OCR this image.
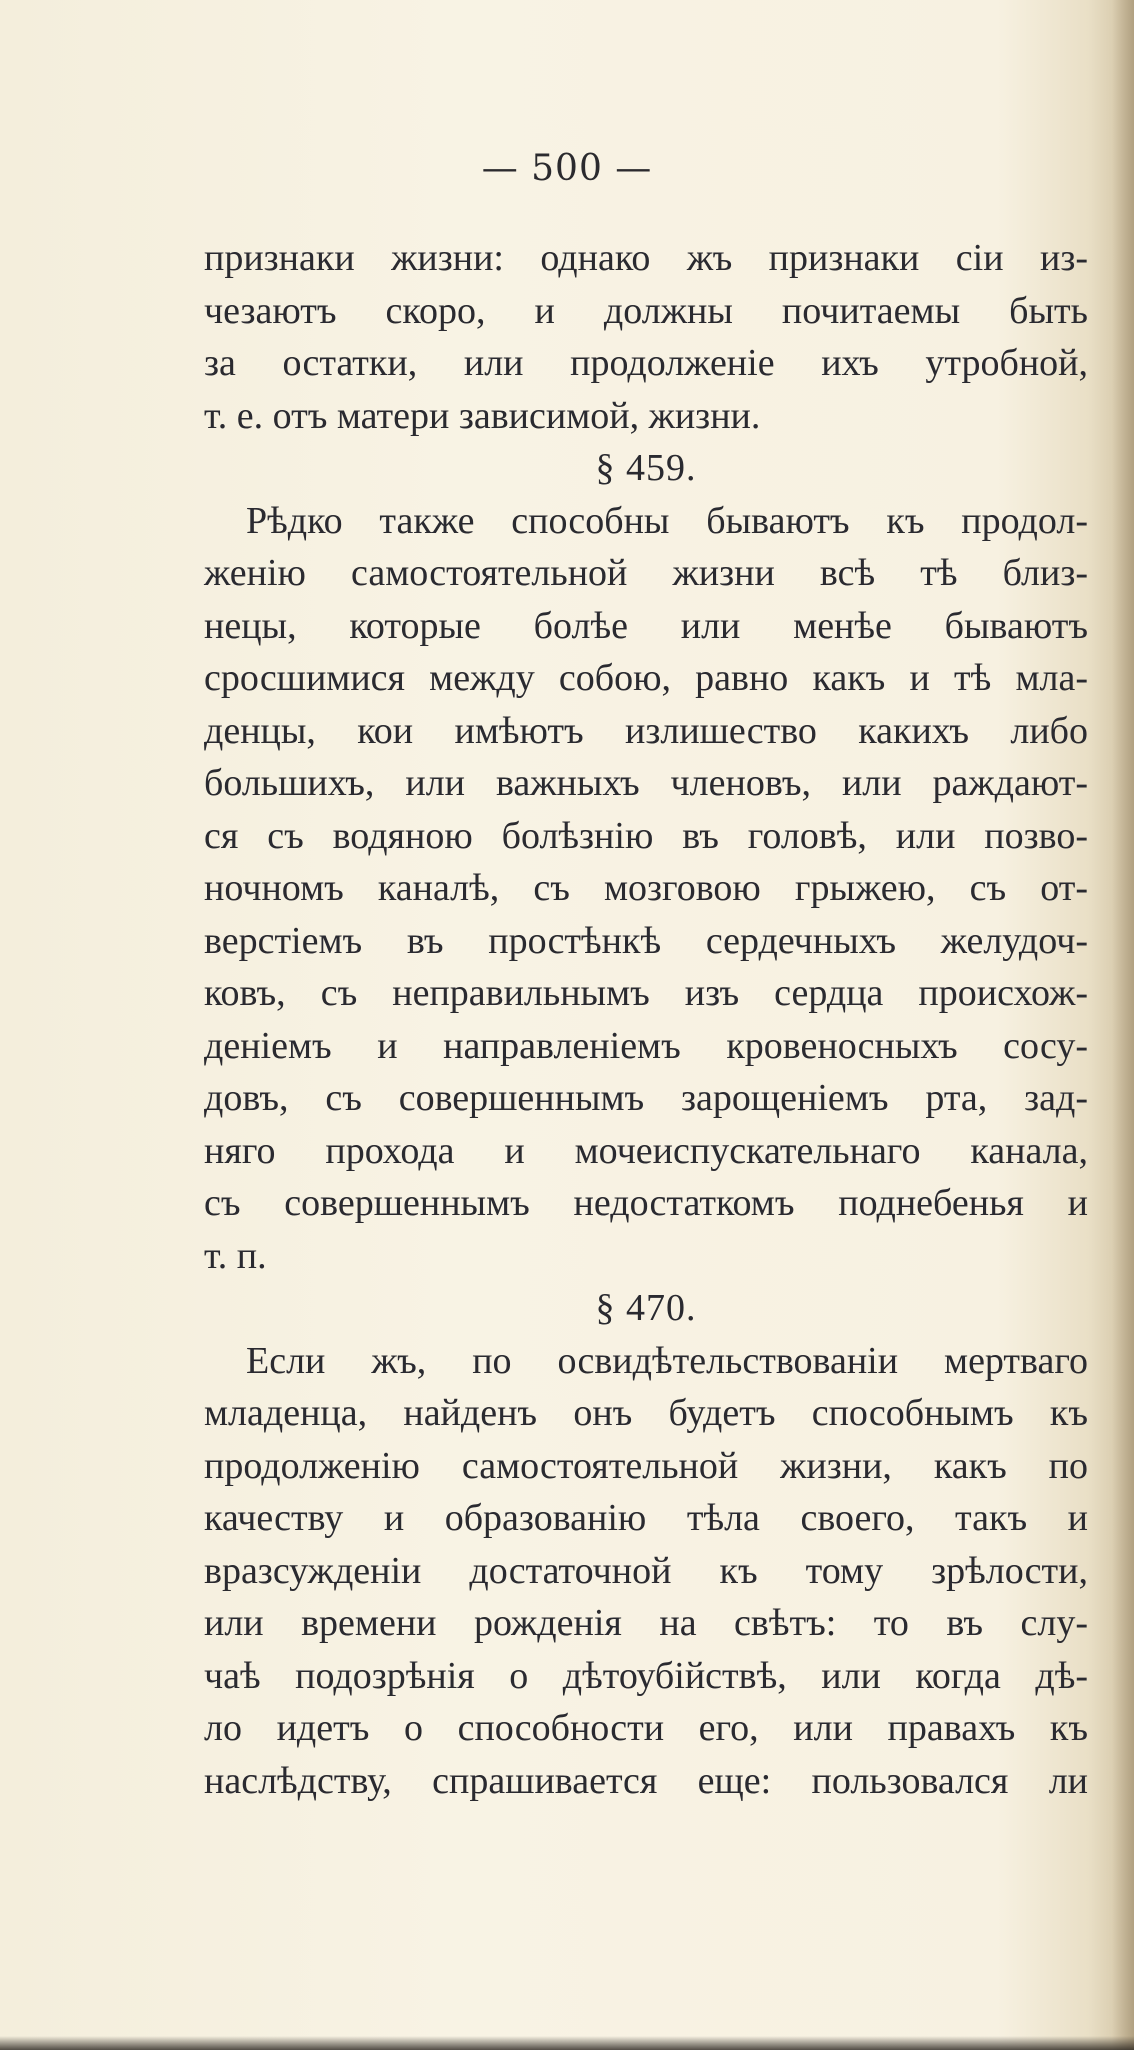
— 500 —
признаки жизни: однако жъ признаки сіи из-
чезаютъ скоро, и должны почитаемы быть
за остатки, или продолженіе ихъ утробной,
т. е. отъ матери зависимой, жизни.
§ 459.
Рѣдко также способны бываютъ къ продол-
женію самостоятельной жизни всѣ тѣ близ-
нецы, которые болѣе или менѣе бываютъ
сросшимися между собою, равно какъ и тѣ мла-
денцы, кои имѣютъ излишество какихъ либо
большихъ, или важныхъ членовъ, или раждают-
ся съ водяною болѣзнію въ головѣ, или позво-
ночномъ каналѣ, съ мозговою грыжею, съ от-
верстіемъ въ простѣнкѣ сердечныхъ желудоч-
ковъ, съ неправильнымъ изъ сердца происхож-
деніемъ и направленіемъ кровеносныхъ сосу-
довъ, съ совершеннымъ зарощеніемъ рта, зад-
няго прохода и мочеиспускательнаго канала,
съ совершеннымъ недостаткомъ поднебенья и
т. п.
§ 470.
Если жъ, по освидѣтельствованіи мертваго
младенца, найденъ онъ будетъ способнымъ къ
продолженію самостоятельной жизни, какъ по
качеству и образованію тѣла своего, такъ и
вразсужденіи достаточной къ тому зрѣлости,
или времени рожденія на свѣтъ: то въ слу-
чаѣ подозрѣнія о дѣтоубійствѣ, или когда дѣ-
ло идетъ о способности его, или правахъ къ
наслѣдству, спрашивается еще: пользовался ли
